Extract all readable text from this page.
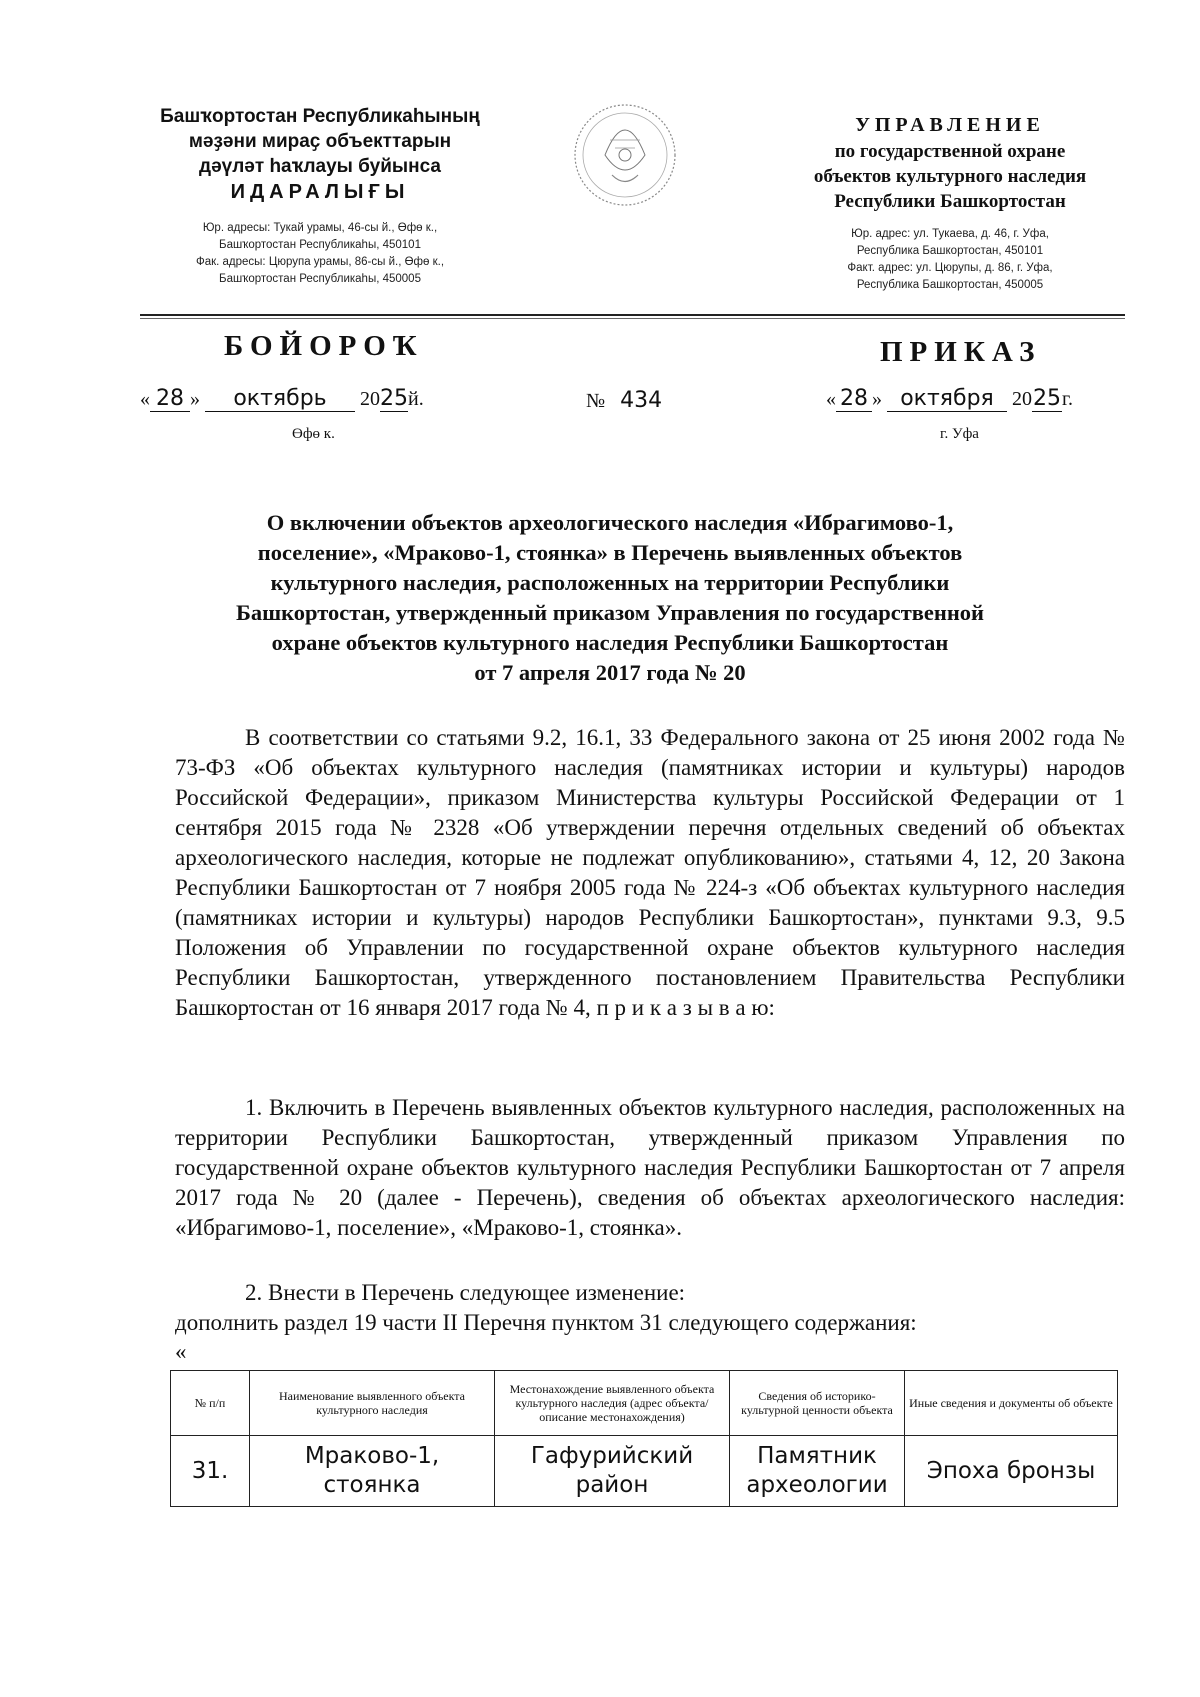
Башҡортостан Республикаһының
мәҙәни мираҫ объекттарын
дәүләт һаҡлауы буйынса
ИДАРАЛЫҒЫ
Юр. адресы: Тукай урамы, 46-сы й., Өфө к.,
Башҡортостан Республикаһы, 450101
Фак. адресы: Цюрупа урамы, 86-сы й., Өфө к.,
Башҡортостан Республикаһы, 450005
УПРАВЛЕНИЕ
по государственной охране
объектов культурного наследия
Республики Башкортостан
Юр. адрес: ул. Тукаева, д. 46, г. Уфа,
Республика Башкортостан, 450101
Факт. адрес: ул. Цюрупы, д. 86, г. Уфа,
Республика Башкортостан, 450005
БОЙОРОҠ	ПРИКАЗ
« 28 » октябрь 2025й.
Өфө к.
№ 434	« 28 » октября 2025г.
г. Уфа
О включении объектов археологического наследия «Ибрагимово-1,
поселение», «Мраково-1, стоянка» в Перечень выявленных объектов
культурного наследия, расположенных на территории Республики
Башкортостан, утвержденный приказом Управления по государственной
охране объектов культурного наследия Республики Башкортостан
от 7 апреля 2017 года № 20
В соответствии со статьями 9.2, 16.1, 33 Федерального закона от 25 июня 2002 года № 73-ФЗ «Об объектах культурного наследия (памятниках истории и культуры) народов Российской Федерации», приказом Министерства культуры Российской Федерации от 1 сентября 2015 года № 2328 «Об утверждении перечня отдельных сведений об объектах археологического наследия, которые не подлежат опубликованию», статьями 4, 12, 20 Закона Республики Башкортостан от 7 ноября 2005 года № 224-з «Об объектах культурного наследия (памятниках истории и культуры) народов Республики Башкортостан», пунктами 9.3, 9.5 Положения об Управлении по государственной охране объектов культурного наследия Республики Башкортостан, утвержденного постановлением Правительства Республики Башкортостан от 16 января 2017 года № 4, п р и к а з ы в а ю:
1. Включить в Перечень выявленных объектов культурного наследия, расположенных на территории Республики Башкортостан, утвержденный приказом Управления по государственной охране объектов культурного наследия Республики Башкортостан от 7 апреля 2017 года № 20 (далее - Перечень), сведения об объектах археологического наследия: «Ибрагимово-1, поселение», «Мраково-1, стоянка».
2. Внести в Перечень следующее изменение:
дополнить раздел 19 части II Перечня пунктом 31 следующего содержания:
«
№ п/п	Наименование выявленного объекта культурного наследия	Местонахождение выявленного объекта культурного наследия (адрес объекта/описание местонахождения)	Сведения об историко-культурной ценности объекта	Иные сведения и документы об объекте
31.	Мраково-1, стоянка	Гафурийский район	Памятник археологии	Эпоха бронзы
